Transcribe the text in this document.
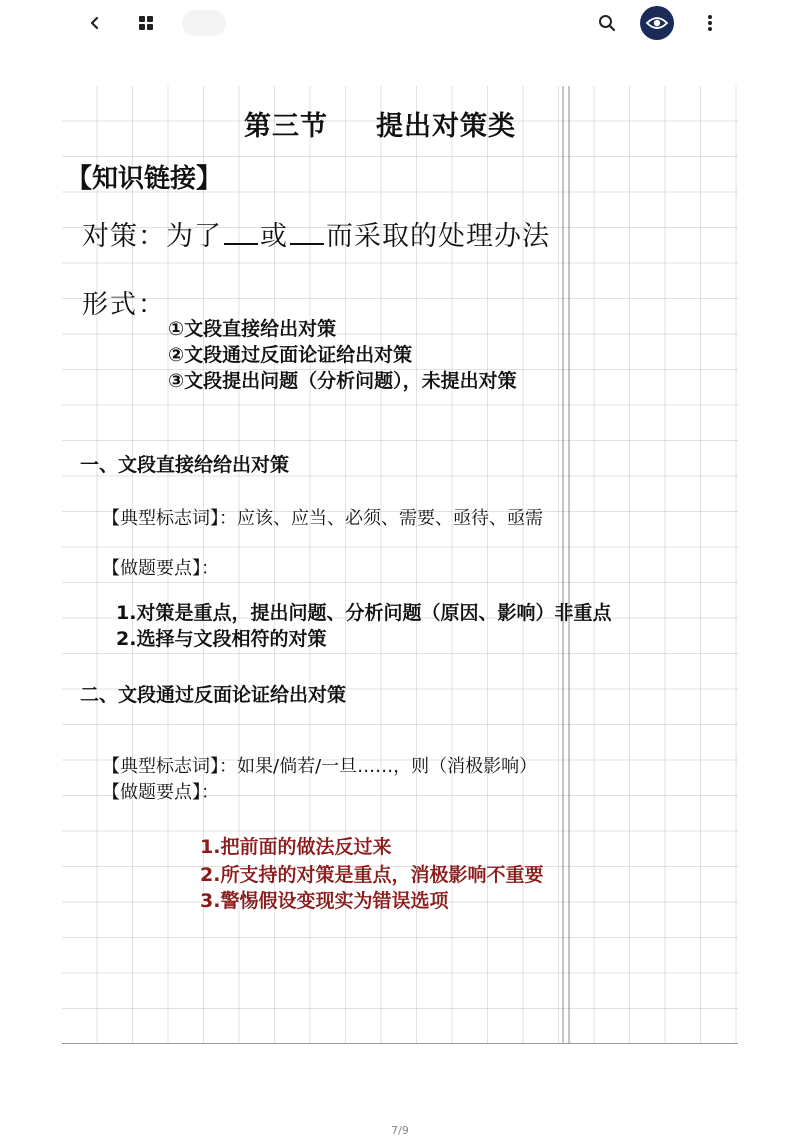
第三节 提出对策类
【知识链接】
对策：为了 或 而采取的处理办法
形式：
①文段直接给出对策
②文段通过反面论证给出对策
③文段提出问题（分析问题），未提出对策
一、文段直接给给出对策
【典型标志词】：应该、应当、必须、需要、亟待、亟需
【做题要点】：
1.对策是重点，提出问题、分析问题（原因、影响）非重点
2.选择与文段相符的对策
二、文段通过反面论证给出对策
【典型标志词】：如果/倘若/一旦……，则（消极影响）
【做题要点】：
1.把前面的做法反过来
2.所支持的对策是重点，消极影响不重要
3.警惕假设变现实为错误选项
7/9
